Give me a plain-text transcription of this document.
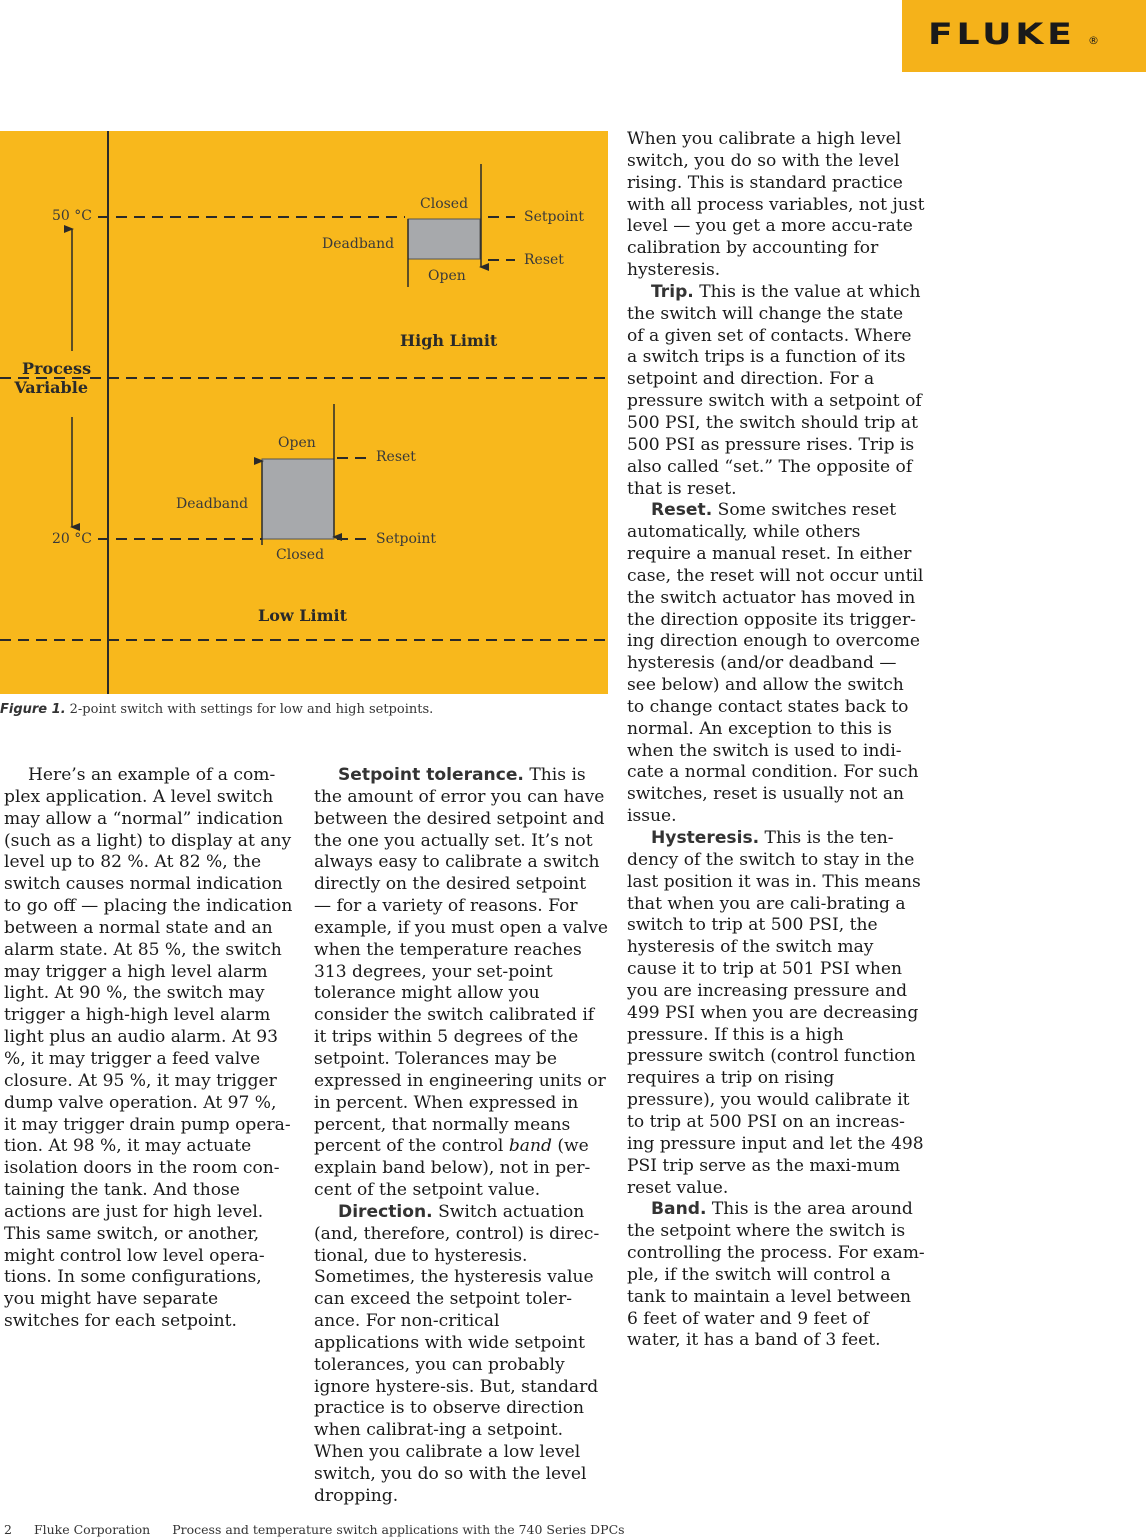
FLUKE ®
50 °C
20 °C
Process
Variable
Closed
Deadband
Open
Setpoint
Reset
High Limit
Open
Reset
Deadband
Setpoint
Closed
Low Limit
Figure 1. 2-point switch with settings for low and high setpoints.

Here’s an example of a com-plex application. A level switch may allow a “normal” indication (such as a light) to display at any level up to 82 %. At 82 %, the switch causes normal indication to go off — placing the indication between a normal state and an alarm state. At 85 %, the switch may trigger a high level alarm light. At 90 %, the switch may trigger a high-high level alarm light plus an audio alarm. At 93 %, it may trigger a feed valve closure. At 95 %, it may trigger dump valve operation. At 97 %, it may trigger drain pump opera-tion. At 98 %, it may actuate isolation doors in the room con-taining the tank. And those actions are just for high level. This same switch, or another, might control low level opera-tions. In some configurations, you might have separate switches for each setpoint.

Setpoint tolerance. This is the amount of error you can have between the desired setpoint and the one you actually set. It’s not always easy to calibrate a switch directly on the desired setpoint — for a variety of reasons. For example, if you must open a valve when the temperature reaches 313 degrees, your set-point tolerance might allow you consider the switch calibrated if it trips within 5 degrees of the setpoint. Tolerances may be expressed in engineering units or in percent. When expressed in percent, that normally means percent of the control band (we explain band below), not in per-cent of the setpoint value.

Direction. Switch actuation (and, therefore, control) is direc-tional, due to hysteresis. Sometimes, the hysteresis value can exceed the setpoint toler-ance. For non-critical applications with wide setpoint tolerances, you can probably ignore hystere-sis. But, standard practice is to observe direction when calibrat-ing a setpoint. When you calibrate a low level switch, you do so with the level dropping.

When you calibrate a high level switch, you do so with the level rising. This is standard practice with all process variables, not just level — you get a more accu-rate calibration by accounting for hysteresis.

Trip. This is the value at which the switch will change the state of a given set of contacts. Where a switch trips is a function of its setpoint and direction. For a pressure switch with a setpoint of 500 PSI, the switch should trip at 500 PSI as pressure rises. Trip is also called “set.” The opposite of that is reset.

Reset. Some switches reset automatically, while others require a manual reset. In either case, the reset will not occur until the switch actuator has moved in the direction opposite its trigger-ing direction enough to overcome hysteresis (and/or deadband — see below) and allow the switch to change contact states back to normal. An exception to this is when the switch is used to indi-cate a normal condition. For such switches, reset is usually not an issue.

Hysteresis. This is the ten-dency of the switch to stay in the last position it was in. This means that when you are cali-brating a switch to trip at 500 PSI, the hysteresis of the switch may cause it to trip at 501 PSI when you are increasing pressure and 499 PSI when you are decreasing pressure. If this is a high pressure switch (control function requires a trip on rising pressure), you would calibrate it to trip at 500 PSI on an increas-ing pressure input and let the 498 PSI trip serve as the maxi-mum reset value.

Band. This is the area around the setpoint where the switch is controlling the process. For exam-ple, if the switch will control a tank to maintain a level between 6 feet of water and 9 feet of water, it has a band of 3 feet.

2 Fluke Corporation Process and temperature switch applications with the 740 Series DPCs
